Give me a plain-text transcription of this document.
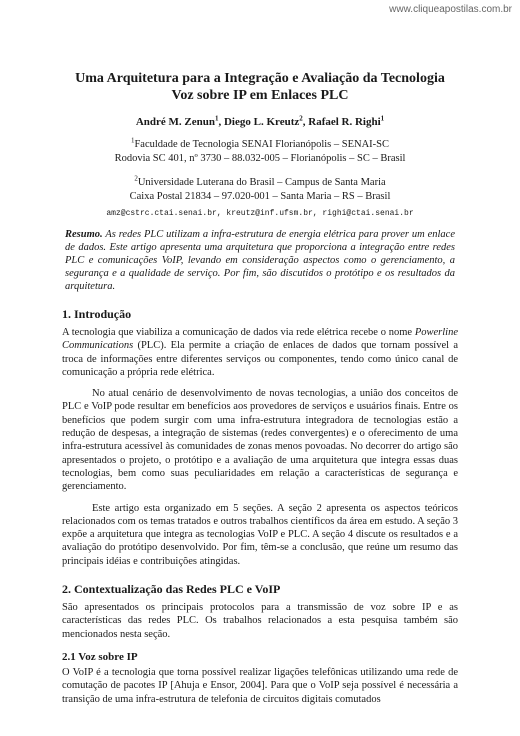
www.cliqueapostilas.com.br
Uma Arquitetura para a Integração e Avaliação da Tecnologia
Voz sobre IP em Enlaces PLC
André M. Zenun$^1$, Diego L. Kreutz$^2$, Rafael R. Righi$^1$
$^1$Faculdade de Tecnologia SENAI Florianópolis – SENAI-SC
Rodovia SC 401, nº 3730 – 88.032-005 – Florianópolis – SC – Brasil
$^2$Universidade Luterana do Brasil – Campus de Santa Maria
Caixa Postal 21834 – 97.020-001 – Santa Maria – RS – Brasil
amz@cstrc.ctai.senai.br, kreutz@inf.ufsm.br, righi@ctai.senai.br

Resumo. As redes PLC utilizam a infra-estrutura de energia elétrica para prover um enlace de dados. Este artigo apresenta uma arquitetura que proporciona a integração entre redes PLC e comunicações VoIP, levando em consideração aspectos como o gerenciamento, a segurança e a qualidade de serviço. Por fim, são discutidos o protótipo e os resultados da arquitetura.

1. Introdução

A tecnologia que viabiliza a comunicação de dados via rede elétrica recebe o nome Powerline Communications (PLC). Ela permite a criação de enlaces de dados que tornam possível a troca de informações entre diferentes serviços ou componentes, tendo como único canal de comunicação a própria rede elétrica.

No atual cenário de desenvolvimento de novas tecnologias, a união dos conceitos de PLC e VoIP pode resultar em benefícios aos provedores de serviços e usuários finais. Entre os benefícios que podem surgir com uma infra-estrutura integradora de tecnologias estão a redução de despesas, a integração de sistemas (redes convergentes) e o oferecimento de uma infra-estrutura acessível às comunidades de zonas menos povoadas. No decorrer do artigo são apresentados o projeto, o protótipo e a avaliação de uma arquitetura que integra essas duas tecnologias, bem como suas peculiaridades em relação a características de segurança e gerenciamento.

Este artigo esta organizado em 5 seções. A seção 2 apresenta os aspectos teóricos relacionados com os temas tratados e outros trabalhos científicos da área em estudo. A seção 3 expõe a arquitetura que integra as tecnologias VoIP e PLC. A seção 4 discute os resultados e a avaliação do protótipo desenvolvido. Por fim, têm-se a conclusão, que reúne um resumo das principais idéias e contribuições atingidas.

2. Contextualização das Redes PLC e VoIP

São apresentados os principais protocolos para a transmissão de voz sobre IP e as características das redes PLC. Os trabalhos relacionados a esta pesquisa também são mencionados nesta seção.

2.1 Voz sobre IP

O VoIP é a tecnologia que torna possível realizar ligações telefônicas utilizando uma rede de comutação de pacotes IP [Ahuja e Ensor, 2004]. Para que o VoIP seja possível é necessária a transição de uma infra-estrutura de telefonia de circuitos digitais comutados
